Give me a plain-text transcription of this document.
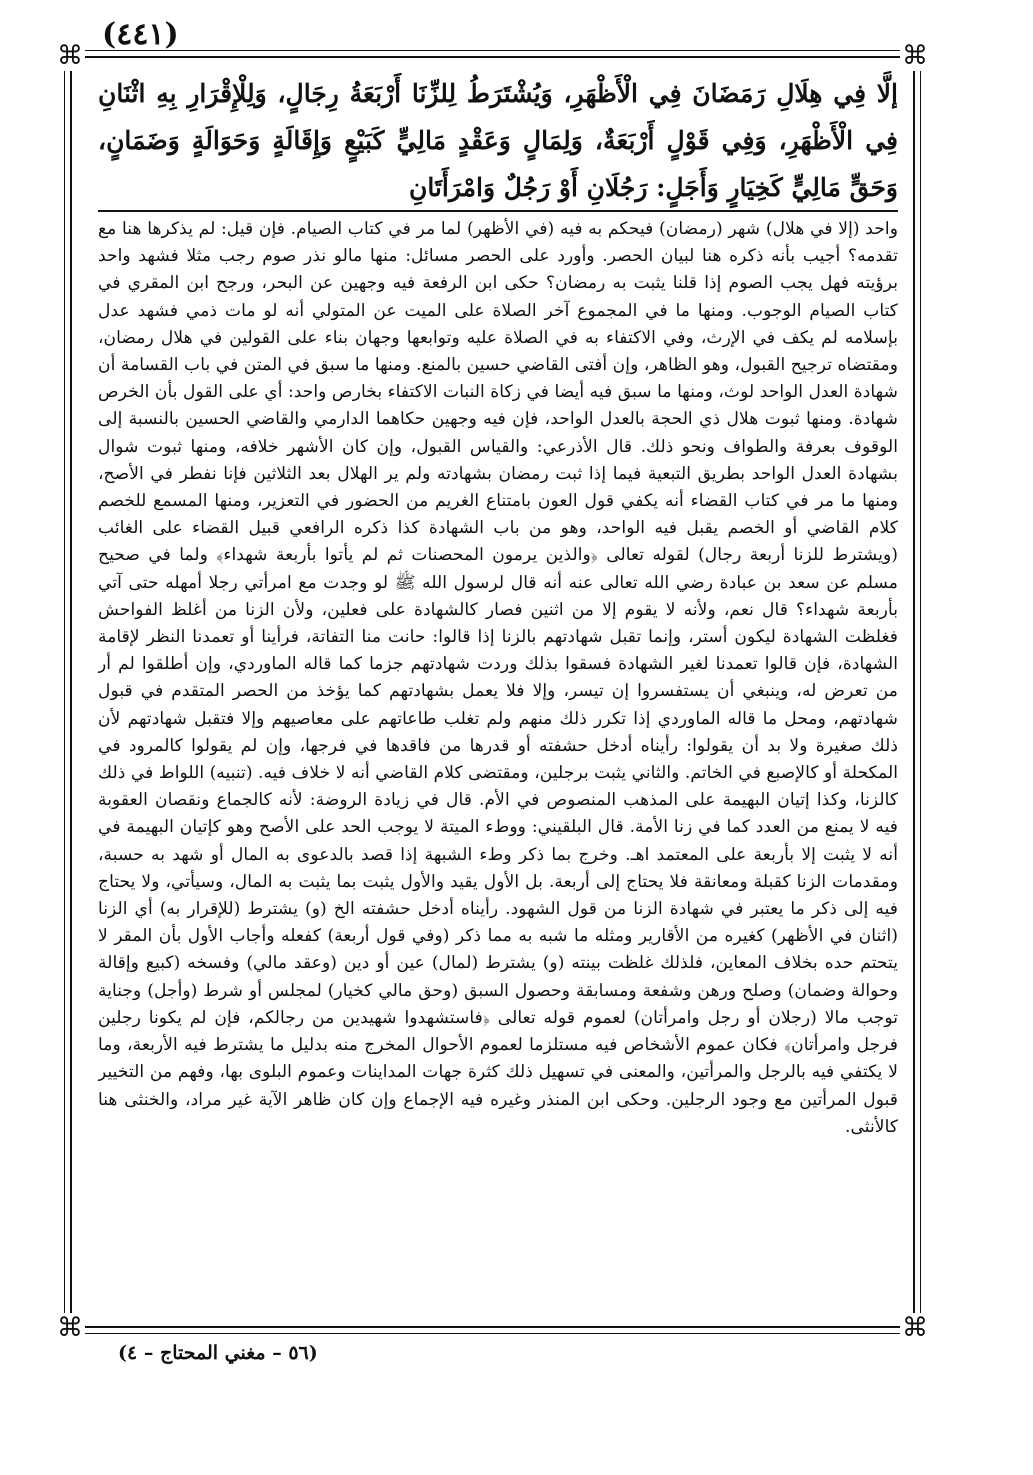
(٤٤١)
⌘	⌘
⌘	⌘

إلَّا فِي هِلَالِ رَمَضَانَ فِي الْأَظْهَرِ، وَيُشْتَرَطُ لِلزِّنَا أَرْبَعَةُ رِجَالٍ، وَلِلْإِقْرَارِ بِهِ اثْنَانِ فِي الْأَظْهَرِ، وَفِي قَوْلٍ أَرْبَعَةٌ، وَلِمَالٍ وَعَقْدٍ مَالِيٍّ كَبَيْعٍ وَإِقَالَةٍ وَحَوَالَةٍ وَضَمَانٍ، وَحَقٍّ مَالِيٍّ كَخِيَارٍ وَأَجَلٍ: رَجُلَانِ أَوْ رَجُلٌ وَامْرَأَتَانِ

واحد (إلا في هلال) شهر (رمضان) فيحكم به فيه (في الأظهر) لما مر في كتاب الصيام. فإن قيل: لم يذكرها هنا مع تقدمه؟ أجيب بأنه ذكره هنا لبيان الحصر. وأورد على الحصر مسائل: منها مالو نذر صوم رجب مثلا فشهد واحد برؤيته فهل يجب الصوم إذا قلنا يثبت به رمضان؟ حكى ابن الرفعة فيه وجهين عن البحر، ورجح ابن المقري في كتاب الصيام الوجوب. ومنها ما في المجموع آخر الصلاة على الميت عن المتولي أنه لو مات ذمي فشهد عدل بإسلامه لم يكف في الإرث، وفي الاكتفاء به في الصلاة عليه وتوابعها وجهان بناء على القولين في هلال رمضان، ومقتضاه ترجيح القبول، وهو الظاهر، وإن أفتى القاضي حسين بالمنع. ومنها ما سبق في المتن في باب القسامة أن شهادة العدل الواحد لوث، ومنها ما سبق فيه أيضا في زكاة النبات الاكتفاء بخارص واحد: أي على القول بأن الخرص شهادة. ومنها ثبوت هلال ذي الحجة بالعدل الواحد، فإن فيه وجهين حكاهما الدارمي والقاضي الحسين بالنسبة إلى الوقوف بعرفة والطواف ونحو ذلك. قال الأذرعي: والقياس القبول، وإن كان الأشهر خلافه، ومنها ثبوت شوال بشهادة العدل الواحد بطريق التبعية فيما إذا ثبت رمضان بشهادته ولم ير الهلال بعد الثلاثين فإنا نفطر في الأصح، ومنها ما مر في كتاب القضاء أنه يكفي قول العون بامتناع الغريم من الحضور في التعزير، ومنها المسمع للخصم كلام القاضي أو الخصم يقبل فيه الواحد، وهو من باب الشهادة كذا ذكره الرافعي قبيل القضاء على الغائب (ويشترط للزنا أربعة رجال) لقوله تعالى ﴿والذين يرمون المحصنات ثم لم يأتوا بأربعة شهداء﴾ ولما في صحيح مسلم عن سعد بن عبادة رضي الله تعالى عنه أنه قال لرسول الله ﷺ لو وجدت مع امرأتي رجلا أمهله حتى آتي بأربعة شهداء؟ قال نعم، ولأنه لا يقوم إلا من اثنين فصار كالشهادة على فعلين، ولأن الزنا من أغلظ الفواحش فغلظت الشهادة ليكون أستر، وإنما تقبل شهادتهم بالزنا إذا قالوا: حانت منا التفاتة، فرأينا أو تعمدنا النظر لإقامة الشهادة، فإن قالوا تعمدنا لغير الشهادة فسقوا بذلك وردت شهادتهم جزما كما قاله الماوردي، وإن أطلقوا لم أر من تعرض له، وينبغي أن يستفسروا إن تيسر، وإلا فلا يعمل بشهادتهم كما يؤخذ من الحصر المتقدم في قبول شهادتهم، ومحل ما قاله الماوردي إذا تكرر ذلك منهم ولم تغلب طاعاتهم على معاصيهم وإلا فتقبل شهادتهم لأن ذلك صغيرة ولا بد أن يقولوا: رأيناه أدخل حشفته أو قدرها من فاقدها في فرجها، وإن لم يقولوا كالمرود في المكحلة أو كالإصبع في الخاتم. والثاني يثبت برجلين، ومقتضى كلام القاضي أنه لا خلاف فيه. (تنبيه) اللواط في ذلك كالزنا، وكذا إتيان البهيمة على المذهب المنصوص في الأم. قال في زيادة الروضة: لأنه كالجماع ونقصان العقوبة فيه لا يمنع من العدد كما في زنا الأمة. قال البلقيني: ووطء الميتة لا يوجب الحد على الأصح وهو كإتيان البهيمة في أنه لا يثبت إلا بأربعة على المعتمد اهـ. وخرج بما ذكر وطء الشبهة إذا قصد بالدعوى به المال أو شهد به حسبة، ومقدمات الزنا كقبلة ومعانقة فلا يحتاج إلى أربعة. بل الأول يقيد والأول يثبت بما يثبت به المال، وسيأتي، ولا يحتاج فيه إلى ذكر ما يعتبر في شهادة الزنا من قول الشهود. رأيناه أدخل حشفته الخ (و) يشترط (للإقرار به) أي الزنا (اثنان في الأظهر) كغيره من الأقارير ومثله ما شبه به مما ذكر (وفي قول أربعة) كفعله وأجاب الأول بأن المقر لا يتحتم حده بخلاف المعاين، فلذلك غلظت بينته (و) يشترط (لمال) عين أو دين (وعقد مالي) وفسخه (كبيع وإقالة وحوالة وضمان) وصلح ورهن وشفعة ومسابقة وحصول السبق (وحق مالي كخيار) لمجلس أو شرط (وأجل) وجناية توجب مالا (رجلان أو رجل وامرأتان) لعموم قوله تعالى ﴿فاستشهدوا شهيدين من رجالكم، فإن لم يكونا رجلين فرجل وامرأتان﴾ فكان عموم الأشخاص فيه مستلزما لعموم الأحوال المخرج منه بدليل ما يشترط فيه الأربعة، وما لا يكتفي فيه بالرجل والمرأتين، والمعنى في تسهيل ذلك كثرة جهات المداينات وعموم البلوى بها، وفهم من التخيير قبول المرأتين مع وجود الرجلين. وحكى ابن المنذر وغيره فيه الإجماع وإن كان ظاهر الآية غير مراد، والخنثى هنا كالأنثى.

(٥٦ – مغني المحتاج – ٤)
